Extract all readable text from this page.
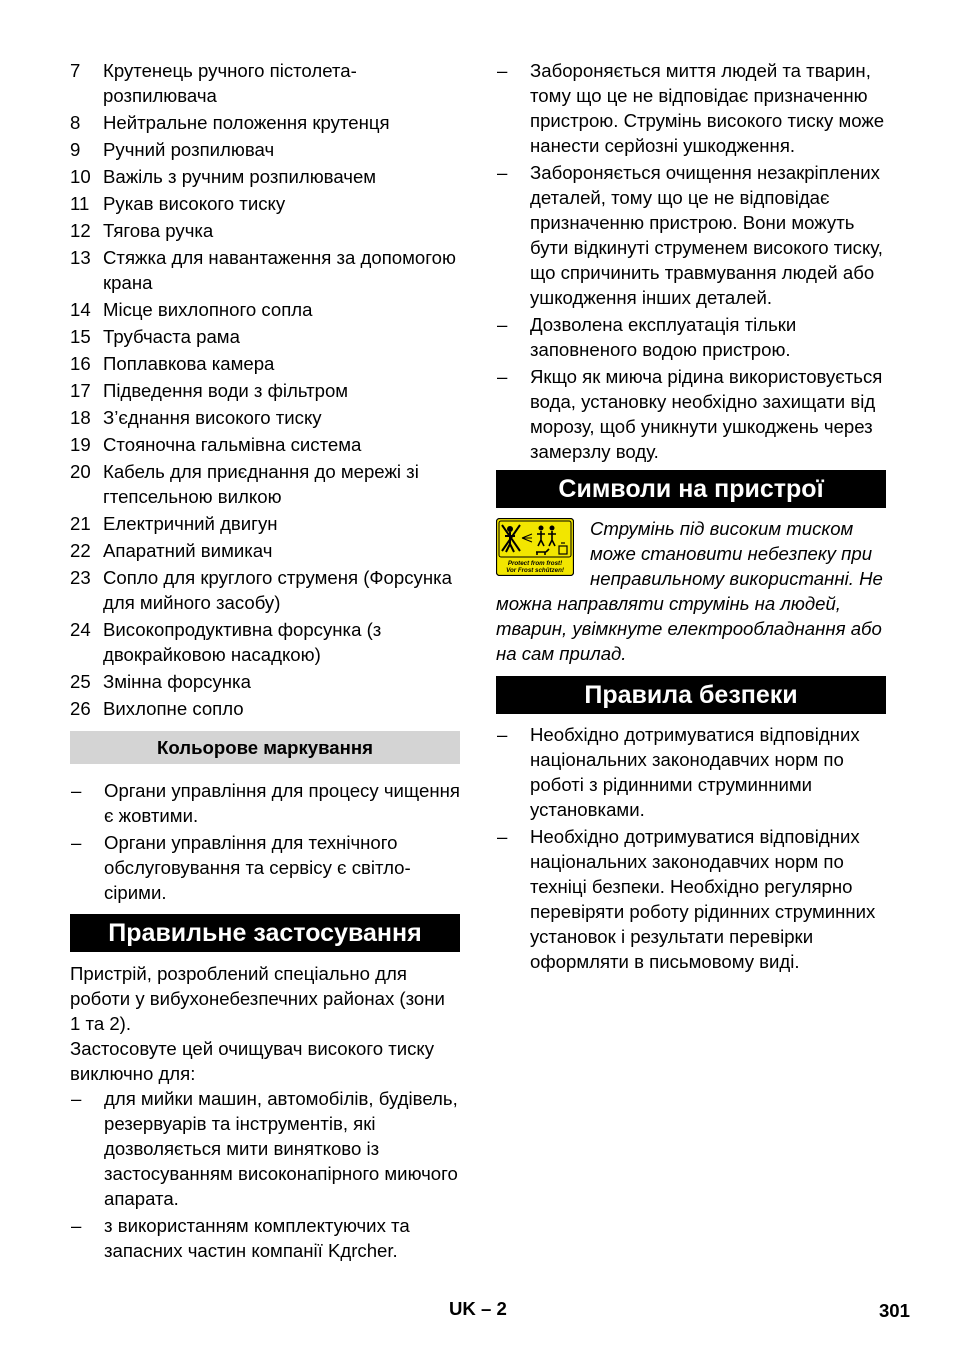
7	Крутенець ручного пістолета-розпилювача
8	Нейтральне положення крутенця
9	Ручний розпилювач
10 Важіль з ручним розпилювачем
11 Рукав високого тиску
12 Тягова ручка
13 Стяжка для навантаження за допомогою крана
14 Місце вихлопного сопла
15 Трубчаста рама
16 Поплавкова камера
17 Підведення води з фільтром
18 З’єднання високого тиску
19 Стояночна гальмівна система
20 Кабель для приєднання до мережі зі гтепсельною вилкою
21 Електричний двигун
22 Апаратний вимикач
23 Сопло для круглого струменя (Форсунка для мийного засобу)
24 Високопродуктивна форсунка (з двокрайковою насадкою)
25 Змінна форсунка
26 Вихлопне сопло
Кольорове маркування
–	Органи управління для процесу чищення є жовтими.
–	Органи управління для технічного обслуговування та сервісу є світло-сірими.
Правильне застосування
Пристрій, розроблений спеціально для роботи у вибухонебезпечних районах (зони 1 та 2).
Застосовуте цей очищувач високого тиску виключно для:
–	для мийки машин, автомобілів, будівель, резервуарів та інструментів, які дозволяється мити винятково із застосуванням високонапірного миючого апарата.
–	з використанням комплектуючих та запасних частин компанії Kдrcher.
–	Забороняється миття людей та тварин, тому що це не відповідає призначенню пристрою. Струмінь високого тиску може нанести серйозні ушкодження.
–	Забороняється очищення незакріплених деталей, тому що це не відповідає призначенню пристрою. Вони можуть бути відкинуті струменем високого тиску, що спричинить травмування людей або ушкодження інших деталей.
–	Дозволена експлуатація тільки заповненого водою пристрою.
–	Якщо як миюча рідина використовується вода, установку необхідно захищати від морозу, щоб уникнути ушкоджень через замерзлу воду.
Символи на пристрої
Protect from frost!
Vor Frost schützen!
Струмінь під високим тиском може становити небезпеку при неправильному використанні. Не можна направляти струмінь на людей, тварин, увімкнуте електрообладнання або на сам прилад.
Правила безпеки
–	Необхідно дотримуватися відповідних національних законодавчих норм по роботі з рідинними струминними установками.
–	Необхідно дотримуватися відповідних національних законодавчих норм по техніці безпеки. Необхідно регулярно перевіряти роботу рідинних струминних установок і результати перевірки оформляти в письмовому виді.
UK – 2	301
